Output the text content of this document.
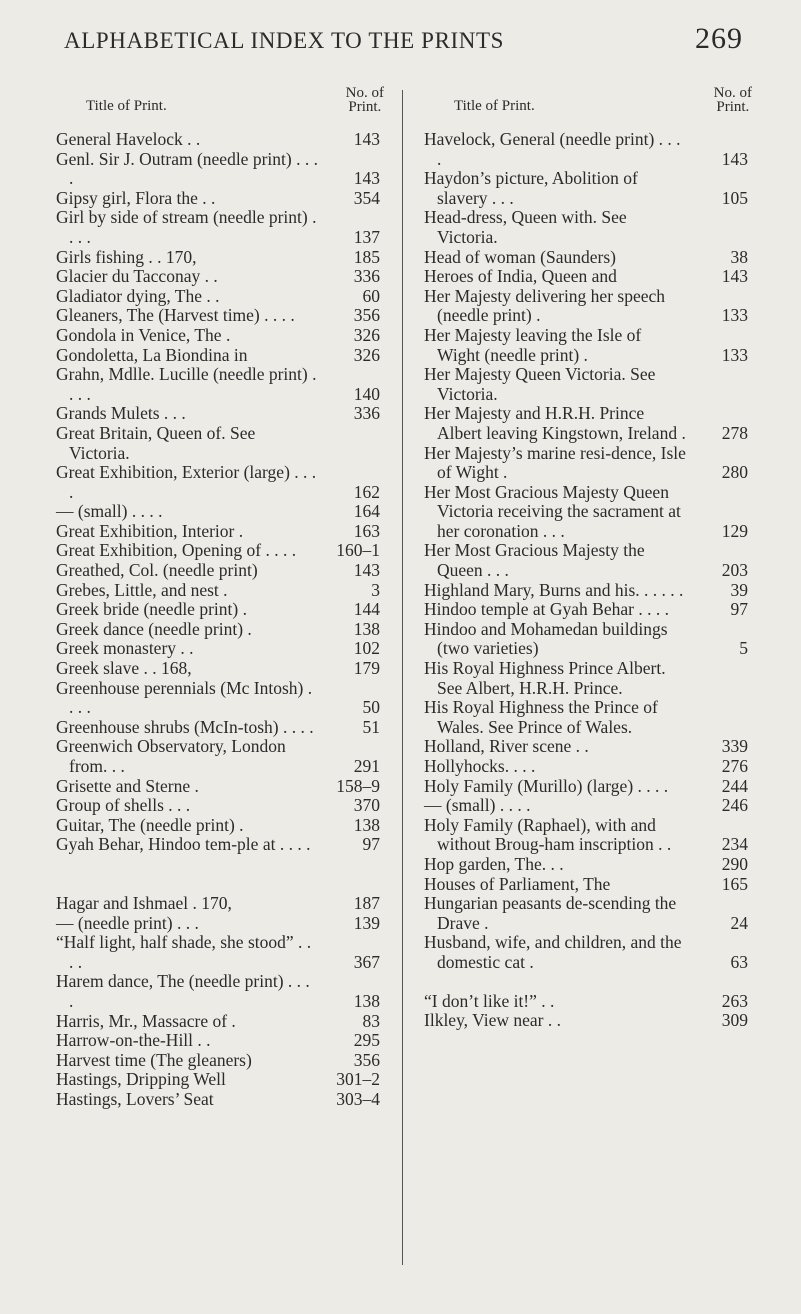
ALPHABETICAL INDEX TO THE PRINTS	269
Title of Print.
No. of
Print.
General Havelock . .	143
Genl. Sir J. Outram (needle print) . . . .	143
Gipsy girl, Flora the . .	354
Girl by side of stream (needle print) . . . .	137
Girls fishing . . 170,	185
Glacier du Tacconay . .	336
Gladiator dying, The . .	60
Gleaners, The (Harvest time) . . . .	356
Gondola in Venice, The .	326
Gondoletta, La Biondina in	326
Grahn, Mdlle. Lucille (needle print) . . . .	140
Grands Mulets . . .	336
Great Britain, Queen of. See Victoria.
Great Exhibition, Exterior (large) . . . .	162
— (small) . . . .	164
Great Exhibition, Interior .	163
Great Exhibition, Opening of . . . .	160–1
Greathed, Col. (needle print)	143
Grebes, Little, and nest .	3
Greek bride (needle print) .	144
Greek dance (needle print) .	138
Greek monastery . .	102
Greek slave . . 168,	179
Greenhouse perennials (Mc Intosh) . . . .	50
Greenhouse shrubs (McIn-tosh) . . . .	51
Greenwich Observatory, London from. . .	291
Grisette and Sterne .	158–9
Group of shells . . .	370
Guitar, The (needle print) .	138
Gyah Behar, Hindoo tem-ple at . . . .	97
Hagar and Ishmael . 170,	187
— (needle print) . . .	139
“Half light, half shade, she stood” . . . .	367
Harem dance, The (needle print) . . . .	138
Harris, Mr., Massacre of .	83
Harrow-on-the-Hill . .	295
Harvest time (The gleaners)	356
Hastings, Dripping Well	301–2
Hastings, Lovers’ Seat	303–4
Title of Print.
No. of
Print.
Havelock, General (needle print) . . . .	143
Haydon’s picture, Abolition of slavery . . .	105
Head-dress, Queen with. See Victoria.
Head of woman (Saunders)	38
Heroes of India, Queen and	143
Her Majesty delivering her speech (needle print) .	133
Her Majesty leaving the Isle of Wight (needle print) .	133
Her Majesty Queen Victoria. See Victoria.
Her Majesty and H.R.H. Prince Albert leaving Kingstown, Ireland .	278
Her Majesty’s marine resi-dence, Isle of Wight .	280
Her Most Gracious Majesty Queen Victoria receiving the sacrament at her coronation . . .	129
Her Most Gracious Majesty the Queen . . .	203
Highland Mary, Burns and his. . . . . .	39
Hindoo temple at Gyah Behar . . . .	97
Hindoo and Mohamedan buildings (two varieties)	5
His Royal Highness Prince Albert. See Albert, H.R.H. Prince.
His Royal Highness the Prince of Wales. See Prince of Wales.
Holland, River scene . .	339
Hollyhocks. . . .	276
Holy Family (Murillo) (large) . . . .	244
— (small) . . . .	246
Holy Family (Raphael), with and without Broug-ham inscription . .	234
Hop garden, The. . .	290
Houses of Parliament, The	165
Hungarian peasants de-scending the Drave .	24
Husband, wife, and children, and the domestic cat .	63
“I don’t like it!” . .	263
Ilkley, View near . .	309
